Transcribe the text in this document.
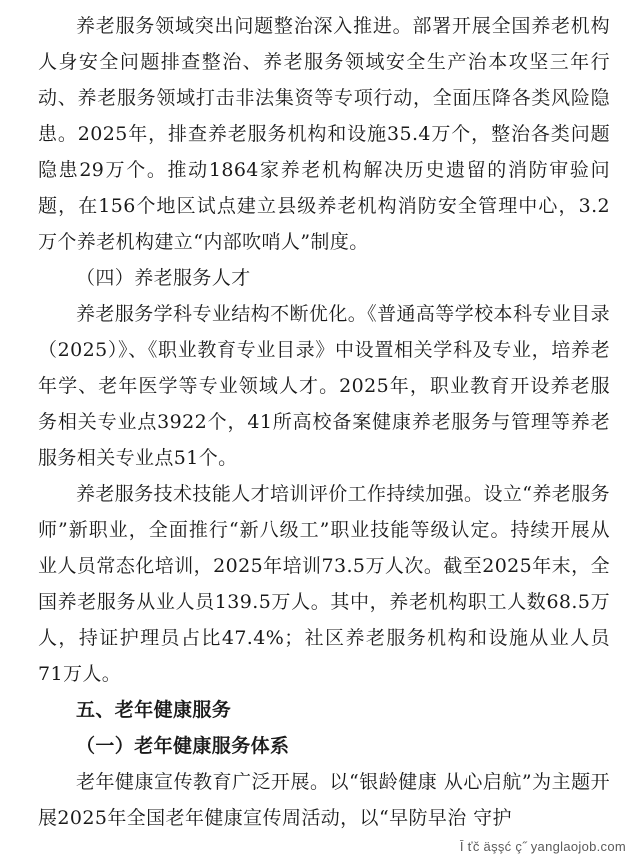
养老服务领域突出问题整治深入推进。部署开展全国养老机构人身安全问题排查整治、养老服务领域安全生产治本攻坚三年行动、养老服务领域打击非法集资等专项行动，全面压降各类风险隐患。2025年，排查养老服务机构和设施35.4万个，整治各类问题隐患29万个。推动1864家养老机构解决历史遗留的消防审验问题，在156个地区试点建立县级养老机构消防安全管理中心，3.2万个养老机构建立“内部吹哨人”制度。

（四）养老服务人才

养老服务学科专业结构不断优化。《普通高等学校本科专业目录（2025）》、《职业教育专业目录》中设置相关学科及专业，培养老年学、老年医学等专业领域人才。2025年，职业教育开设养老服务相关专业点3922个，41所高校备案健康养老服务与管理等养老服务相关专业点51个。

养老服务技术技能人才培训评价工作持续加强。设立“养老服务师”新职业，全面推行“新八级工”职业技能等级认定。持续开展从业人员常态化培训，2025年培训73.5万人次。截至2025年末，全国养老服务从业人员139.5万人。其中，养老机构职工人数68.5万人，持证护理员占比47.4%；社区养老服务机构和设施从业人员71万人。

五、老年健康服务

（一）老年健康服务体系

老年健康宣传教育广泛开展。以“银龄健康 从心启航”为主题开展2025年全国老年健康宣传周活动，以“早防早治 守护

Ī ťč äşşć ç˝ yanglaojob.com
